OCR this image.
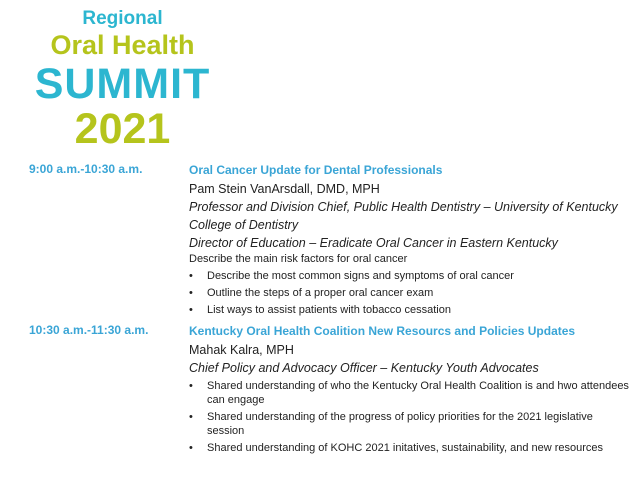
Regional
Oral Health
SUMMIT
2021
9:00 a.m.-10:30 a.m.	Oral Cancer Update for Dental Professionals
Pam Stein VanArsdall, DMD, MPH
Professor and Division Chief, Public Health Dentistry – University of Kentucky College of Dentistry
Director of Education – Eradicate Oral Cancer in Eastern Kentucky
Describe the main risk factors for oral cancer
• Describe the most common signs and symptoms of oral cancer
• Outline the steps of a proper oral cancer exam
• List ways to assist patients with tobacco cessation
10:30 a.m.-11:30 a.m.	Kentucky Oral Health Coalition New Resourcs and Policies Updates
Mahak Kalra, MPH
Chief Policy and Advocacy Officer – Kentucky Youth Advocates
• Shared understanding of who the Kentucky Oral Health Coalition is and hwo attendees can engage
• Shared understanding of the progress of policy priorities for the 2021 legislative session
• Shared understanding of KOHC 2021 initatives, sustainability, and new resources
